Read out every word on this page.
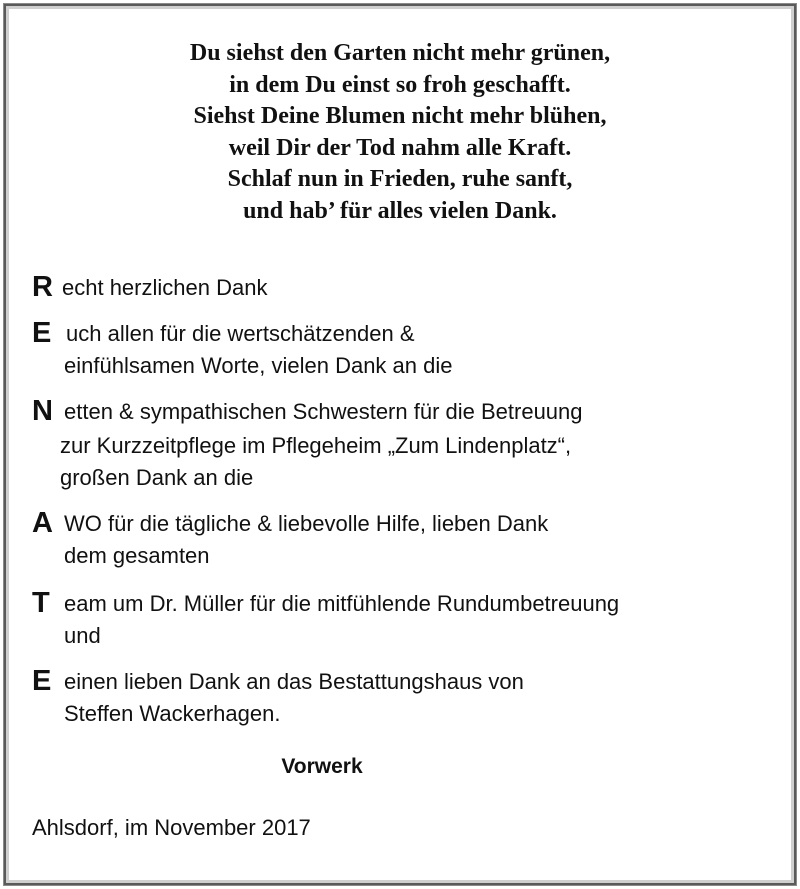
Du siehst den Garten nicht mehr grünen,
in dem Du einst so froh geschafft.
Siehst Deine Blumen nicht mehr blühen,
weil Dir der Tod nahm alle Kraft.
Schlaf nun in Frieden, ruhe sanft,
und hab’ für alles vielen Dank.
R echt herzlichen Dank
E uch allen für die wertschätzenden &
einfühlsamen Worte, vielen Dank an die
N etten & sympathischen Schwestern für die Betreuung
zur Kurzzeitpflege im Pflegeheim „Zum Lindenplatz“,
großen Dank an die
A WO für die tägliche & liebevolle Hilfe, lieben Dank
dem gesamten
T eam um Dr. Müller für die mitfühlende Rundumbetreuung
und
E einen lieben Dank an das Bestattungshaus von
Steffen Wackerhagen.
Vorwerk
Ahlsdorf, im November 2017
